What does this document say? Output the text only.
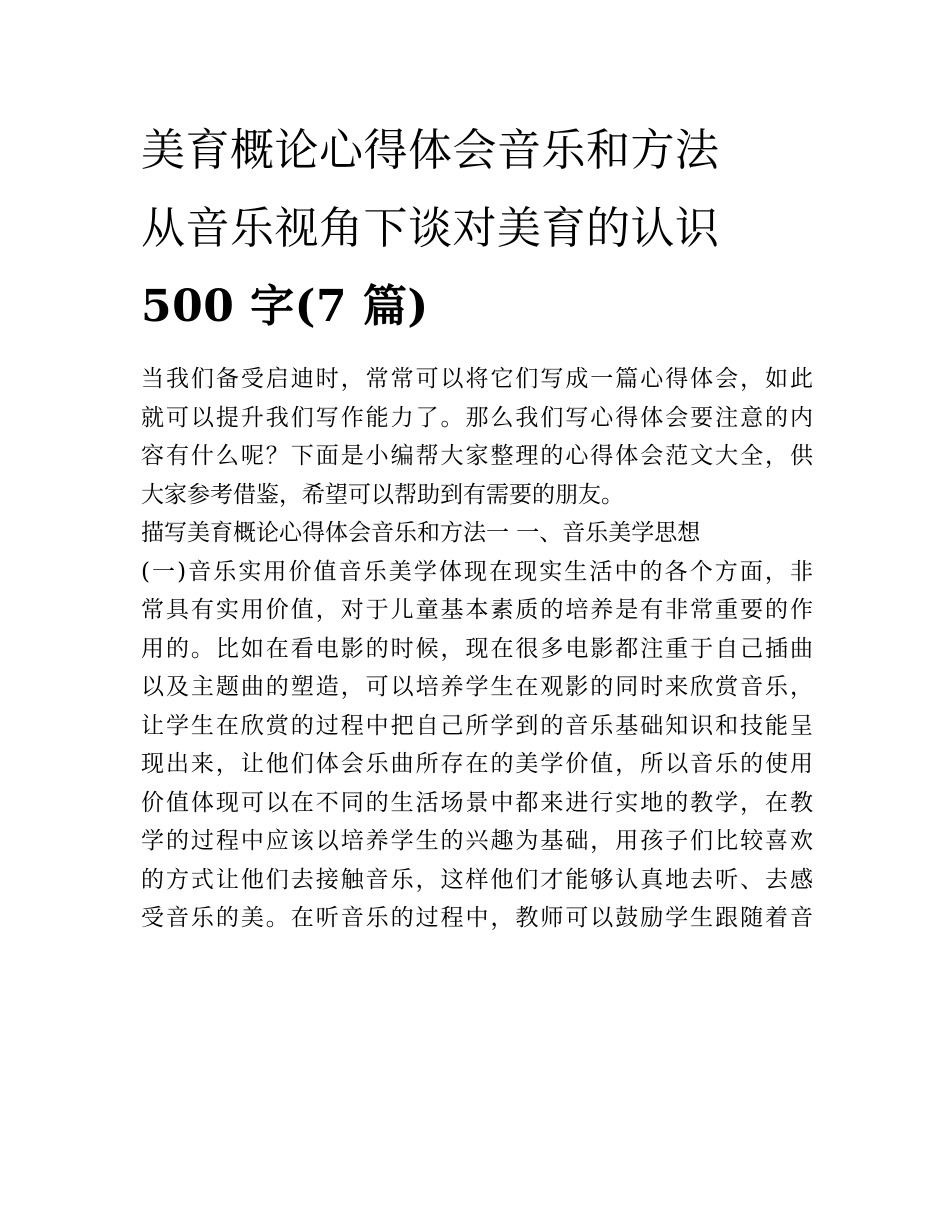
美育概论心得体会音乐和方法
从音乐视角下谈对美育的认识
500 字(7 篇)
当我们备受启迪时，常常可以将它们写成一篇心得体会，如此
就可以提升我们写作能力了。那么我们写心得体会要注意的内
容有什么呢？下面是小编帮大家整理的心得体会范文大全，供
大家参考借鉴，希望可以帮助到有需要的朋友。
描写美育概论心得体会音乐和方法一 一、音乐美学思想
(一)音乐实用价值音乐美学体现在现实生活中的各个方面，非
常具有实用价值，对于儿童基本素质的培养是有非常重要的作
用的。比如在看电影的时候，现在很多电影都注重于自己插曲
以及主题曲的塑造，可以培养学生在观影的同时来欣赏音乐，
让学生在欣赏的过程中把自己所学到的音乐基础知识和技能呈
现出来，让他们体会乐曲所存在的美学价值，所以音乐的使用
价值体现可以在不同的生活场景中都来进行实地的教学，在教
学的过程中应该以培养学生的兴趣为基础，用孩子们比较喜欢
的方式让他们去接触音乐，这样他们才能够认真地去听、去感
受音乐的美。在听音乐的过程中，教师可以鼓励学生跟随着音
